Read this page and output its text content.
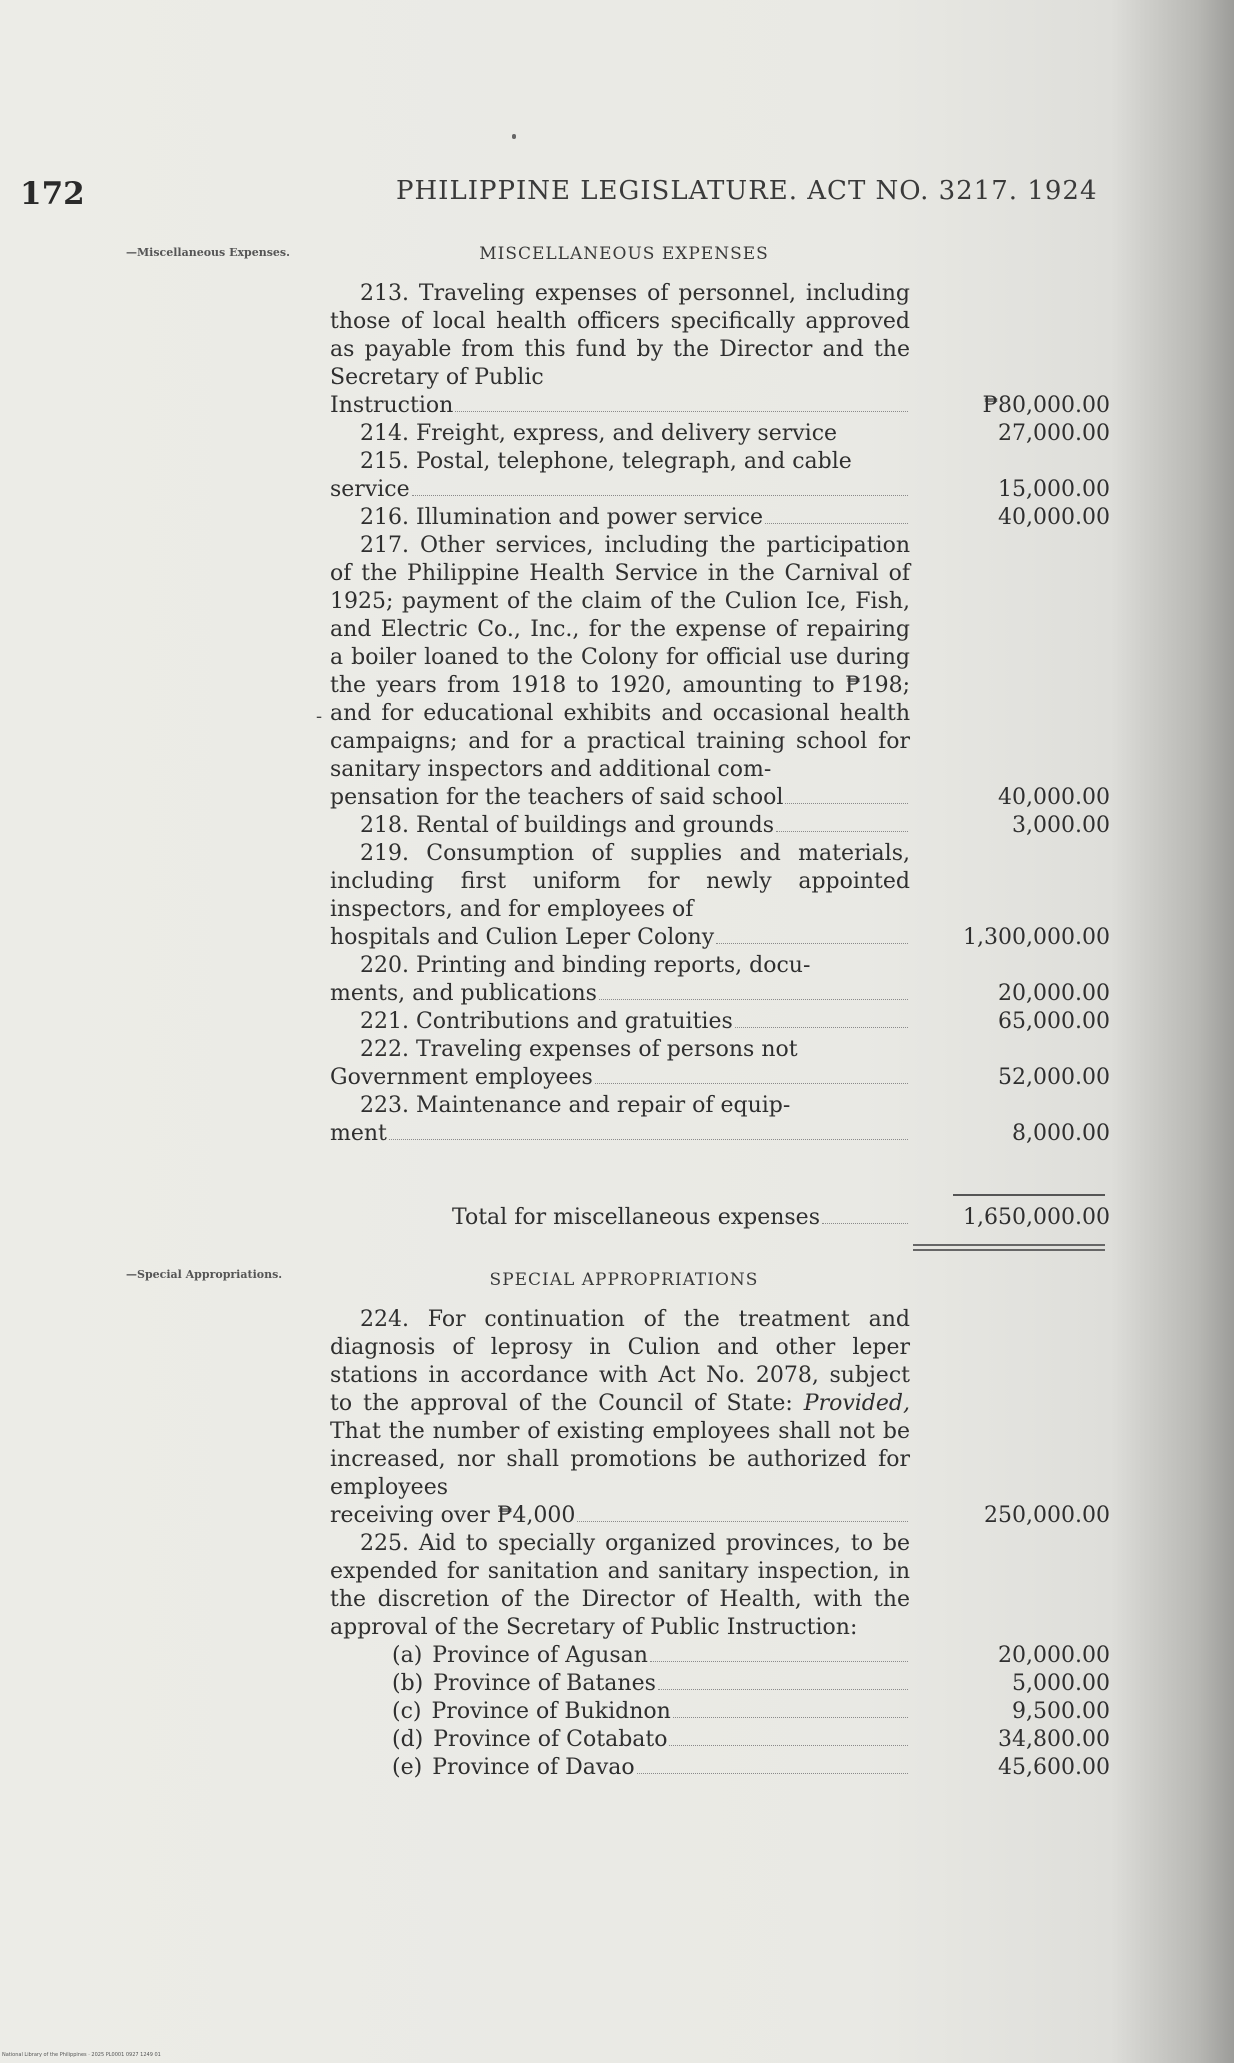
172	PHILIPPINE LEGISLATURE. ACT NO. 3217. 1924
—Miscellaneous Expenses.	MISCELLANEOUS EXPENSES
213. Traveling expenses of personnel, including those of local health officers specifically approved as payable from this fund by the Director and the Secretary of Public
Instruction	₱80,000.00
214. Freight, express, and delivery service	27,000.00
215. Postal, telephone, telegraph, and cable
service	15,000.00
216. Illumination and power service	40,000.00
217. Other services, including the participation of the Philippine Health Service in the Carnival of 1925; payment of the claim of the Culion Ice, Fish, and Electric Co., Inc., for the expense of repairing a boiler loaned to the Colony for official use during the years from 1918 to 1920, amounting to ₱198; and for educational exhibits and occasional health campaigns; and for a practical training school for sanitary inspectors and additional com-
pensation for the teachers of said school	40,000.00
218. Rental of buildings and grounds	3,000.00
219. Consumption of supplies and materials, including first uniform for newly appointed inspectors, and for employees of
hospitals and Culion Leper Colony	1,300,000.00
220. Printing and binding reports, docu-
ments, and publications	20,000.00
221. Contributions and gratuities	65,000.00
222. Traveling expenses of persons not
Government employees	52,000.00
223. Maintenance and repair of equip-
ment	8,000.00
-
Total for miscellaneous expenses	1,650,000.00
—Special Appropriations.	SPECIAL APPROPRIATIONS
224. For continuation of the treatment and diagnosis of leprosy in Culion and other leper stations in accordance with Act No. 2078, subject to the approval of the Council of State: Provided, That the number of existing employees shall not be increased, nor shall promotions be authorized for employees
receiving over ₱4,000	250,000.00
225. Aid to specially organized provinces, to be expended for sanitation and sanitary inspection, in the discretion of the Director of Health, with the approval of the Secretary of Public Instruction:
(a) Province of Agusan	20,000.00
(b) Province of Batanes	5,000.00
(c) Province of Bukidnon	9,500.00
(d) Province of Cotabato	34,800.00
(e) Province of Davao	45,600.00
National Library of the Philippines · 2025 PL0001 0927 1249 01
